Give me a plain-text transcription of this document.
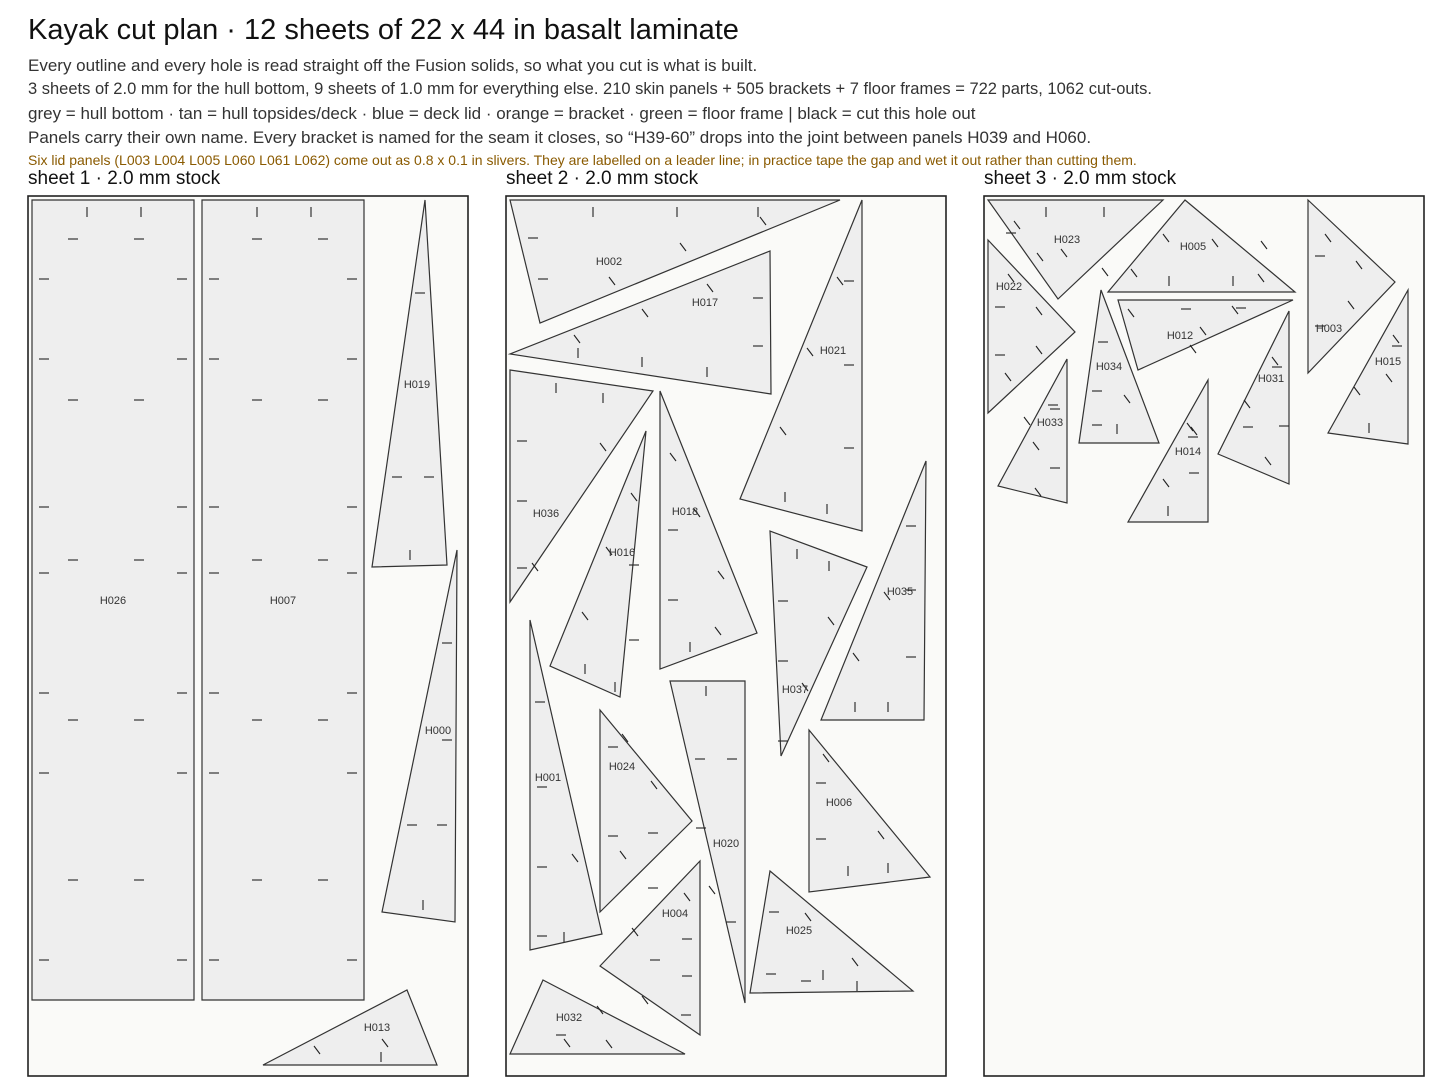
Kayak cut plan · 12 sheets of 22 x 44 in basalt laminate
Every outline and every hole is read straight off the Fusion solids, so what you cut is what is built.
3 sheets of 2.0 mm for the hull bottom, 9 sheets of 1.0 mm for everything else. 210 skin panels + 505 brackets + 7 floor frames = 722 parts, 1062 cut-outs.
grey = hull bottom · tan = hull topsides/deck · blue = deck lid · orange = bracket · green = floor frame | black = cut this hole out
Panels carry their own name. Every bracket is named for the seam it closes, so “H39-60” drops into the joint between panels H039 and H060.
Six lid panels (L003 L004 L005 L060 L061 L062) come out as 0.8 x 0.1 in slivers. They are labelled on a leader line; in practice tape the gap and wet it out rather than cutting them.
sheet 1 · 2.0 mm stock	sheet 2 · 2.0 mm stock	sheet 3 · 2.0 mm stock
H026	H007
H019
H000
H013
H002
H017
H021
H036	H018
H016
H037
H035
H001
H024
H020
H006
H004
H025
H032
H023
H005
H012
H003
H022
H034
H031
H015
H033
H014
